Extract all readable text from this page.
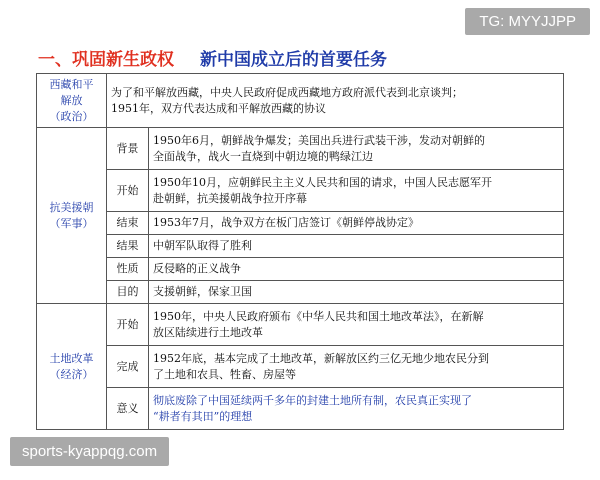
TG: MYYJJPP
一、巩固新生政权 新中国成立后的首要任务
西藏和平
解放
（政治）	为了和平解放西藏，中央人民政府促成西藏地方政府派代表到北京谈判；
1951年，双方代表达成和平解放西藏的协议	

抗美援朝
（军事）	背景	1950年6月，朝鲜战争爆发；美国出兵进行武装干涉，发动对朝鲜的
全面战争，战火一直烧到中朝边境的鸭绿江边

	开始	1950年10月，应朝鲜民主主义人民共和国的请求，中国人民志愿军开
赴朝鲜，抗美援朝战争拉开序幕

	结束	1953年7月，战争双方在板门店签订《朝鲜停战协定》
	结果	中朝军队取得了胜利
	性质	反侵略的正义战争
	目的	支援朝鲜，保家卫国

土地改革
（经济）	开始	1950年，中央人民政府颁布《中华人民共和国土地改革法》，在新解
放区陆续进行土地改革

	完成	1952年底，基本完成了土地改革，新解放区约三亿无地少地农民分到
了土地和农具、牲畜、房屋等

	意义	彻底废除了中国延续两千多年的封建土地所有制，农民真正实现了
“耕者有其田”的理想
sports-kyappqg.com
